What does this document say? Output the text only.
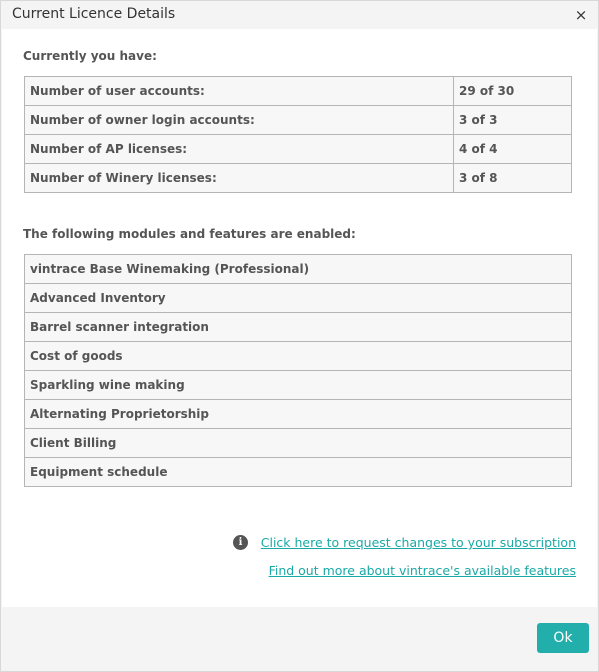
Current Licence Details	×
Currently you have:
Number of user accounts:	29 of 30
Number of owner login accounts:	3 of 3
Number of AP licenses:	4 of 4
Number of Winery licenses:	3 of 8
The following modules and features are enabled:
vintrace Base Winemaking (Professional)
Advanced Inventory
Barrel scanner integration
Cost of goods
Sparkling wine making
Alternating Proprietorship
Client Billing
Equipment schedule
Click here to request changes to your subscription
i
Find out more about vintrace's available features
Ok
